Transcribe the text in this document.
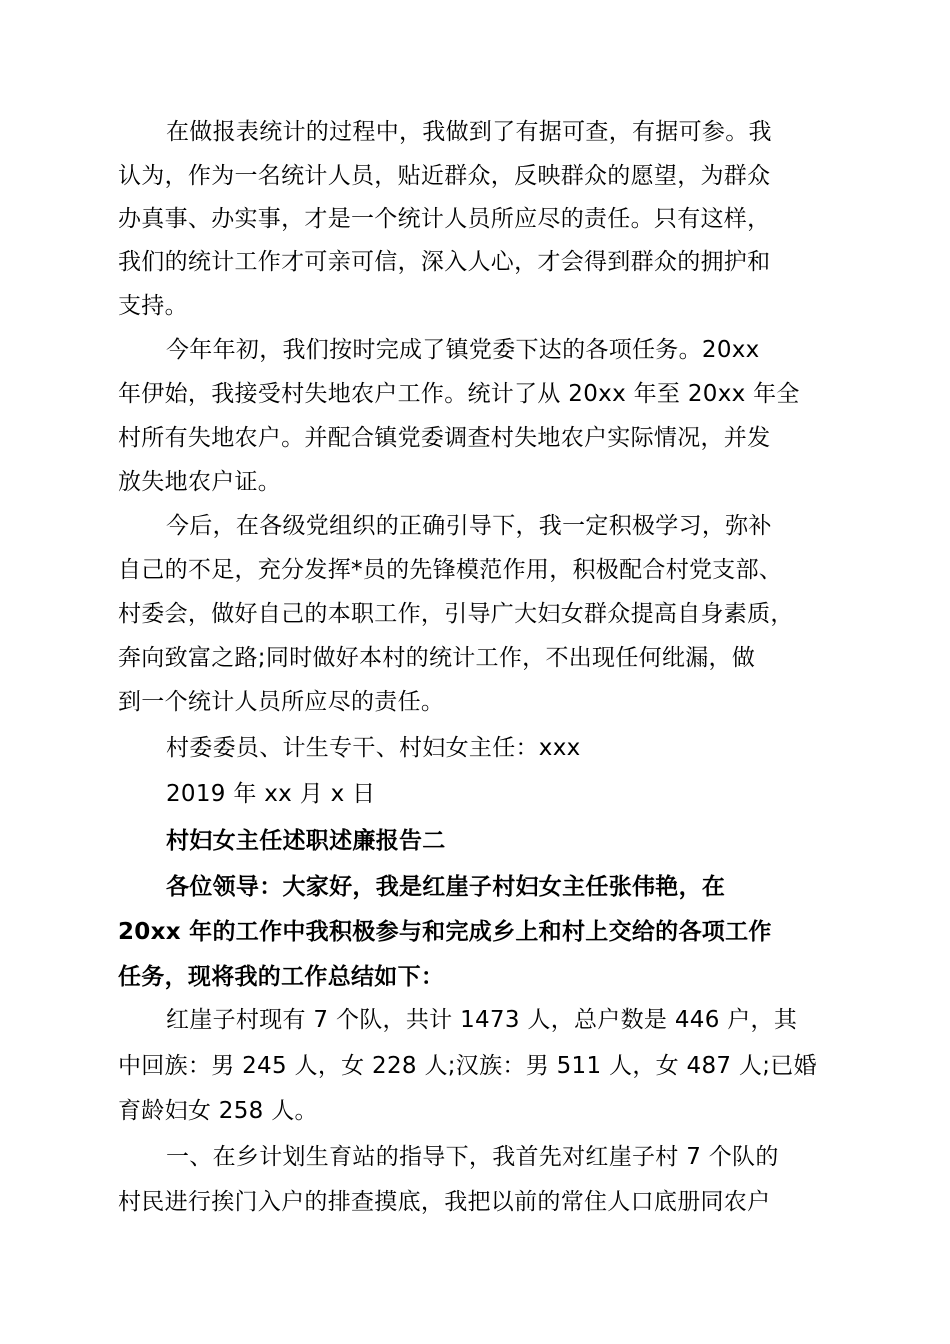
在做报表统计的过程中，我做到了有据可查，有据可参。我
认为，作为一名统计人员，贴近群众，反映群众的愿望，为群众
办真事、办实事，才是一个统计人员所应尽的责任。只有这样，
我们的统计工作才可亲可信，深入人心，才会得到群众的拥护和
支持。
今年年初，我们按时完成了镇党委下达的各项任务。20xx
年伊始，我接受村失地农户工作。统计了从 20xx 年至 20xx 年全
村所有失地农户。并配合镇党委调查村失地农户实际情况，并发
放失地农户证。
今后，在各级党组织的正确引导下，我一定积极学习，弥补
自己的不足，充分发挥*员的先锋模范作用，积极配合村党支部、
村委会，做好自己的本职工作，引导广大妇女群众提高自身素质，
奔向致富之路;同时做好本村的统计工作，不出现任何纰漏，做
到一个统计人员所应尽的责任。
村委委员、计生专干、村妇女主任：xxx
2019 年 xx 月 x 日
村妇女主任述职述廉报告二
各位领导：大家好，我是红崖子村妇女主任张伟艳，在
20xx 年的工作中我积极参与和完成乡上和村上交给的各项工作
任务，现将我的工作总结如下：
红崖子村现有 7 个队，共计 1473 人，总户数是 446 户，其
中回族：男 245 人，女 228 人;汉族：男 511 人，女 487 人;已婚
育龄妇女 258 人。
一、在乡计划生育站的指导下，我首先对红崖子村 7 个队的
村民进行挨门入户的排查摸底，我把以前的常住人口底册同农户
